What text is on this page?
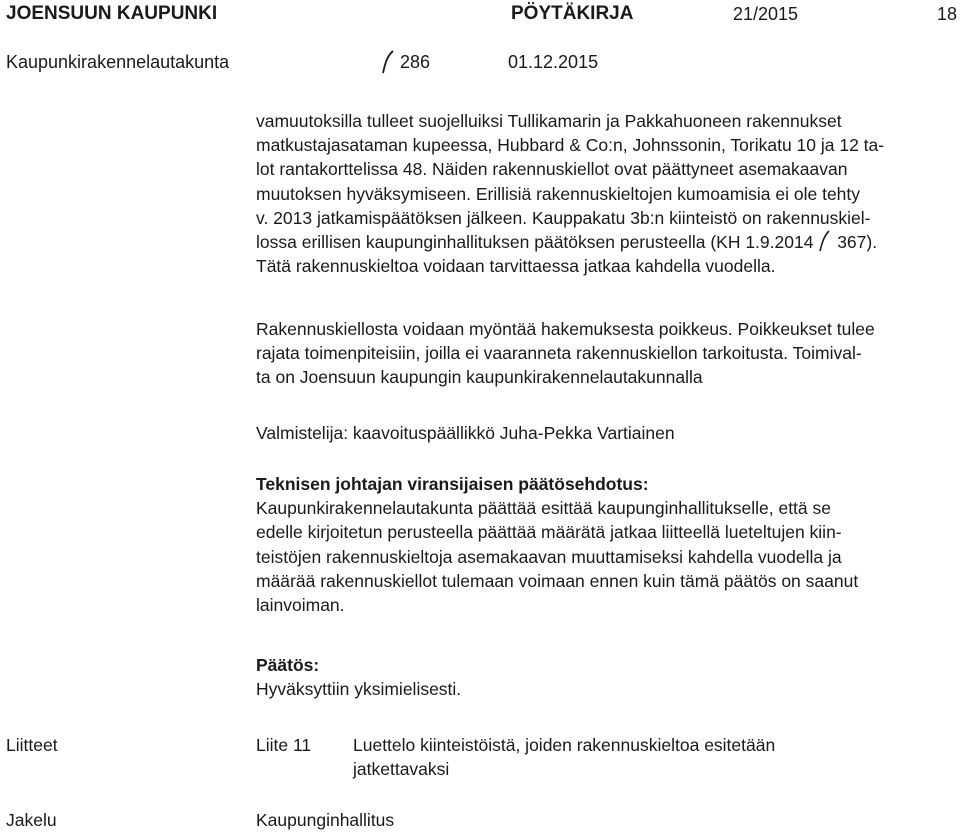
JOENSUUN KAUPUNKI	PÖYTÄKIRJA	21/2015	18
Kaupunkirakennelautakunta	286	01.12.2015

vamuutoksilla tulleet suojelluiksi Tullikamarin ja Pakkahuoneen rakennukset

matkustajasataman kupeessa, Hubbard & Co:n, Johnssonin, Torikatu 10 ja 12 ta-

lot rantakorttelissa 48. Näiden rakennuskiellot ovat päättyneet asemakaavan

muutoksen hyväksymiseen. Erillisiä rakennuskieltojen kumoamisia ei ole tehty

v. 2013 jatkamispäätöksen jälkeen. Kauppakatu 3b:n kiinteistö on rakennuskiel-

lossa erillisen kaupunginhallituksen päätöksen perusteella (KH 1.9.2014 367).

Tätä rakennuskieltoa voidaan tarvittaessa jatkaa kahdella vuodella.

Rakennuskiellosta voidaan myöntää hakemuksesta poikkeus. Poikkeukset tulee

rajata toimenpiteisiin, joilla ei vaaranneta rakennuskiellon tarkoitusta. Toimival-

ta on Joensuun kaupungin kaupunkirakennelautakunnalla

Valmistelija: kaavoituspäällikkö Juha-Pekka Vartiainen

Teknisen johtajan viransijaisen päätösehdotus:

Kaupunkirakennelautakunta päättää esittää kaupunginhallitukselle, että se

edelle kirjoitetun perusteella päättää määrätä jatkaa liitteellä lueteltujen kiin-

teistöjen rakennuskieltoja asemakaavan muuttamiseksi kahdella vuodella ja

määrää rakennuskiellot tulemaan voimaan ennen kuin tämä päätös on saanut

lainvoiman.

Päätös:

Hyväksyttiin yksimielisesti.

Liitteet	Liite 11 Luettelo kiinteistöistä, joiden rakennuskieltoa esitetään
jatkettavaksi
Jakelu	Kaupunginhallitus
